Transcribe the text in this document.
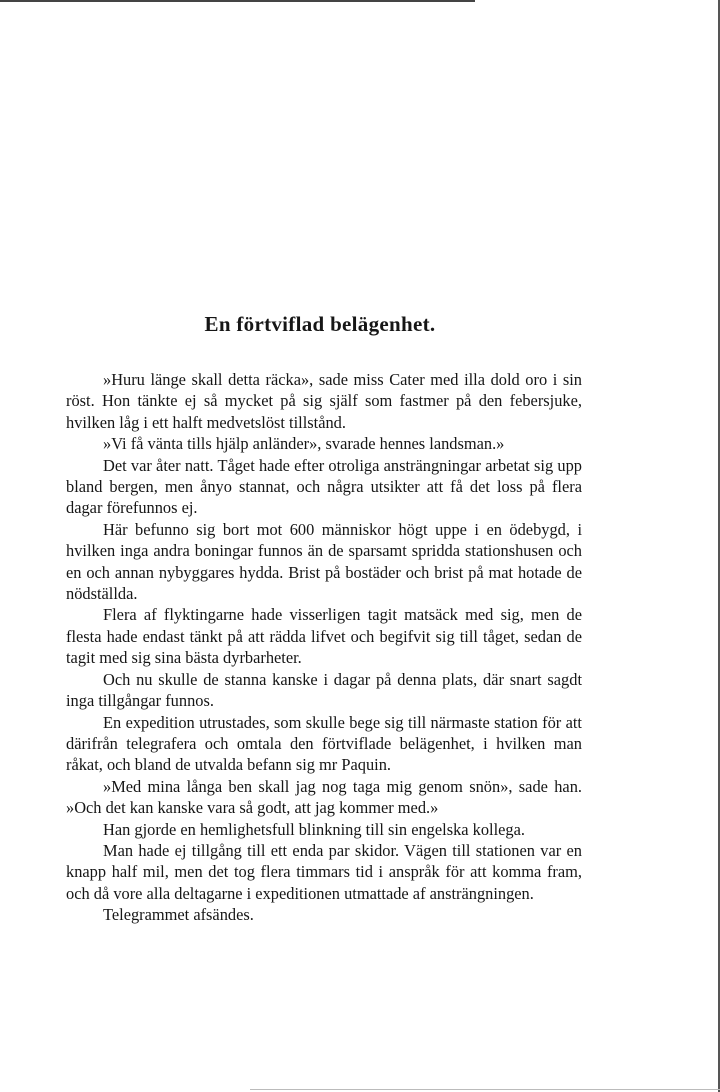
En förtviflad belägenhet.

»Huru länge skall detta räcka», sade miss Cater med illa dold oro i sin röst. Hon tänkte ej så mycket på sig själf som fastmer på den febersjuke, hvilken låg i ett halft medvetslöst tillstånd.

»Vi få vänta tills hjälp anländer», svarade hennes landsman.»

Det var åter natt. Tåget hade efter otroliga ansträngningar arbetat sig upp bland bergen, men ånyo stannat, och några utsikter att få det loss på flera dagar förefunnos ej.

Här befunno sig bort mot 600 människor högt uppe i en ödebygd, i hvilken inga andra boningar funnos än de sparsamt spridda stationshusen och en och annan nybyggares hydda. Brist på bostäder och brist på mat hotade de nödställda.

Flera af flyktingarne hade visserligen tagit matsäck med sig, men de flesta hade endast tänkt på att rädda lifvet och begifvit sig till tåget, sedan de tagit med sig sina bästa dyrbarheter.

Och nu skulle de stanna kanske i dagar på denna plats, där snart sagdt inga tillgångar funnos.

En expedition utrustades, som skulle bege sig till närmaste station för att därifrån telegrafera och omtala den förtviflade belägenhet, i hvilken man råkat, och bland de utvalda befann sig mr Paquin.

»Med mina långa ben skall jag nog taga mig genom snön», sade han. »Och det kan kanske vara så godt, att jag kommer med.»

Han gjorde en hemlighetsfull blinkning till sin engelska kollega.

Man hade ej tillgång till ett enda par skidor. Vägen till stationen var en knapp half mil, men det tog flera timmars tid i anspråk för att komma fram, och då vore alla deltagarne i expeditionen utmattade af ansträngningen.

Telegrammet afsändes.
